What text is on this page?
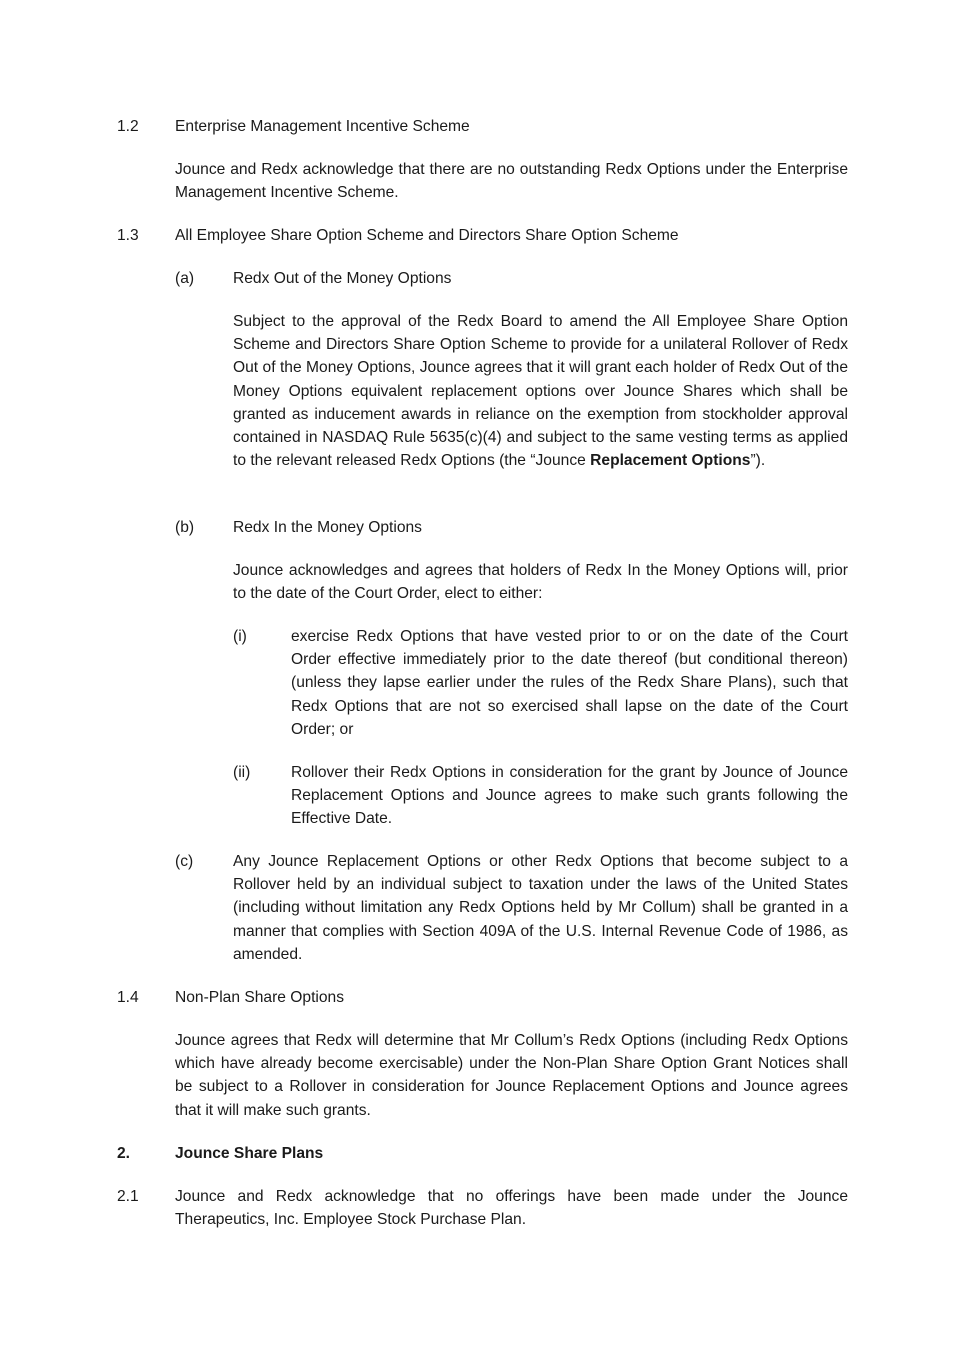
1.2 Enterprise Management Incentive Scheme
Jounce and Redx acknowledge that there are no outstanding Redx Options under the Enterprise Management Incentive Scheme.
1.3 All Employee Share Option Scheme and Directors Share Option Scheme
(a) Redx Out of the Money Options
Subject to the approval of the Redx Board to amend the All Employee Share Option Scheme and Directors Share Option Scheme to provide for a unilateral Rollover of Redx Out of the Money Options, Jounce agrees that it will grant each holder of Redx Out of the Money Options equivalent replacement options over Jounce Shares which shall be granted as inducement awards in reliance on the exemption from stockholder approval contained in NASDAQ Rule 5635(c)(4) and subject to the same vesting terms as applied to the relevant released Redx Options (the “Jounce Replacement Options”).
(b) Redx In the Money Options
Jounce acknowledges and agrees that holders of Redx In the Money Options will, prior to the date of the Court Order, elect to either:
(i)	exercise Redx Options that have vested prior to or on the date of the Court Order effective immediately prior to the date thereof (but conditional thereon) (unless they lapse earlier under the rules of the Redx Share Plans), such that Redx Options that are not so exercised shall lapse on the date of the Court Order; or
(ii)	Rollover their Redx Options in consideration for the grant by Jounce of Jounce Replacement Options and Jounce agrees to make such grants following the Effective Date.
(c)	Any Jounce Replacement Options or other Redx Options that become subject to a Rollover held by an individual subject to taxation under the laws of the United States (including without limitation any Redx Options held by Mr Collum) shall be granted in a manner that complies with Section 409A of the U.S. Internal Revenue Code of 1986, as amended.
1.4 Non-Plan Share Options
Jounce agrees that Redx will determine that Mr Collum’s Redx Options (including Redx Options which have already become exercisable) under the Non-Plan Share Option Grant Notices shall be subject to a Rollover in consideration for Jounce Replacement Options and Jounce agrees that it will make such grants.
2.	Jounce Share Plans
2.1 Jounce and Redx acknowledge that no offerings have been made under the Jounce Therapeutics, Inc. Employee Stock Purchase Plan.
